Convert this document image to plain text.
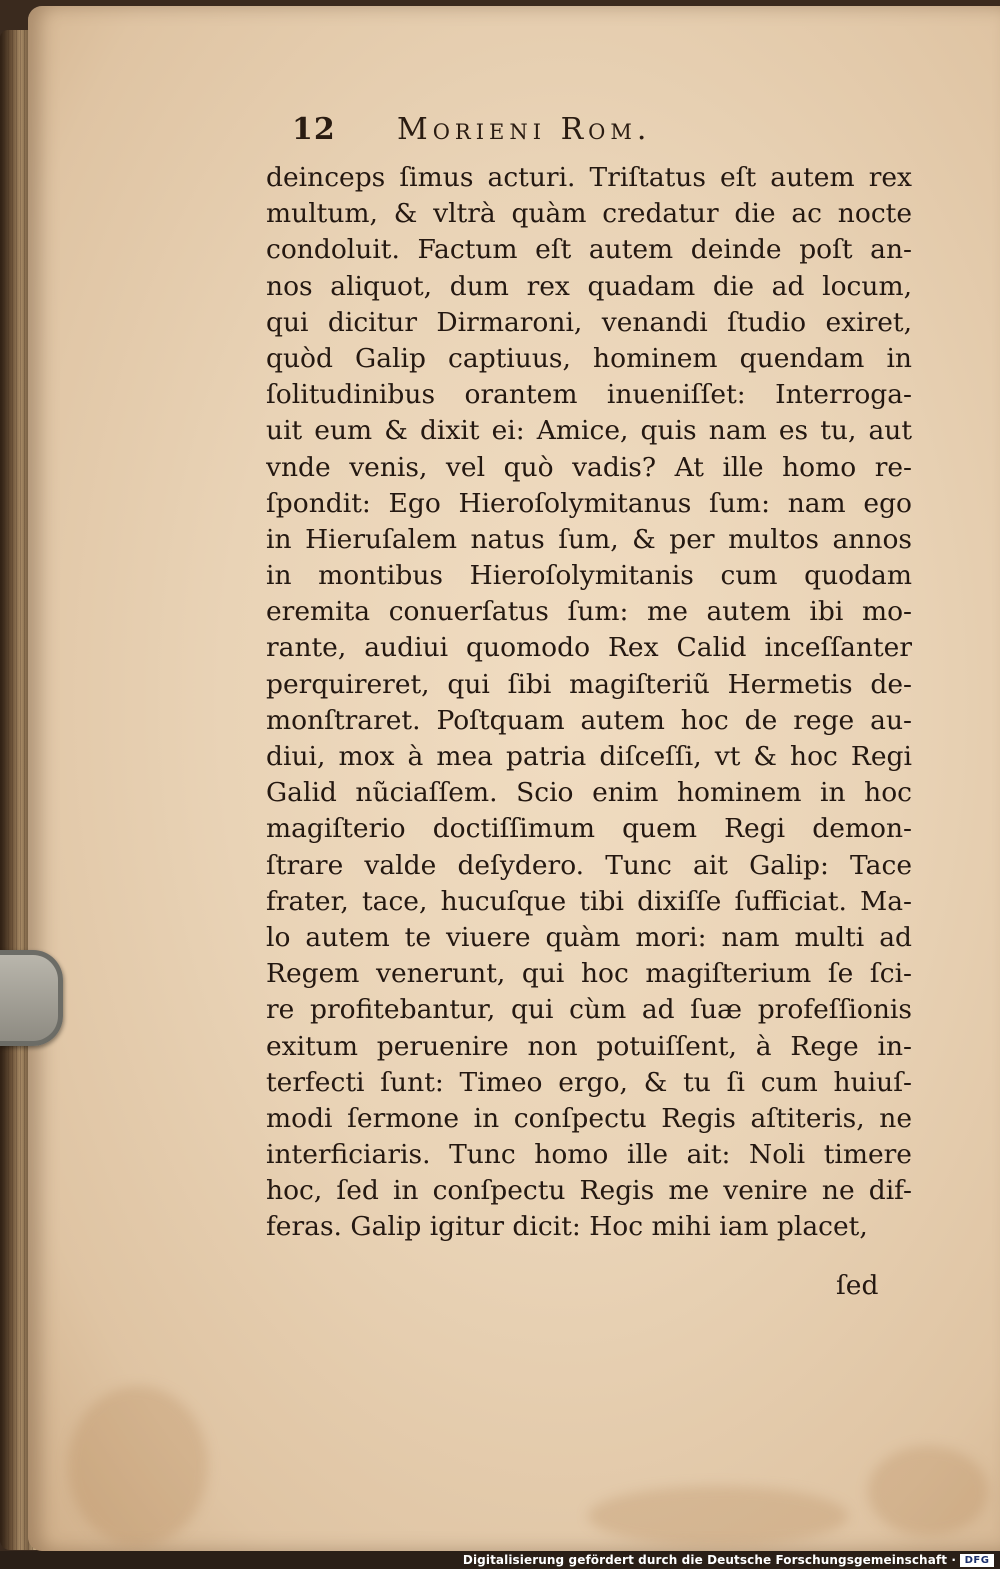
12	Morieni Rom.
deinceps ſimus acturi. Triſtatus eſt autem rex
multum, & vltrà quàm credatur die ac nocte
condoluit. Factum eſt autem deinde poſt an-
nos aliquot, dum rex quadam die ad locum,
qui dicitur Dirmaroni, venandi ſtudio exiret,
quòd Galip captiuus, hominem quendam in
ſolitudinibus orantem inueniſſet: Interroga-
uit eum & dixit ei: Amice, quis nam es tu, aut
vnde venis, vel quò vadis? At ille homo re-
ſpondit: Ego Hieroſolymitanus ſum: nam ego
in Hieruſalem natus ſum, & per multos annos
in montibus Hieroſolymitanis cum quodam
eremita conuerſatus ſum: me autem ibi mo-
rante, audiui quomodo Rex Calid inceſſanter
perquireret, qui ſibi magiſteriũ Hermetis de-
monſtraret. Poſtquam autem hoc de rege au-
diui, mox à mea patria diſceſſi, vt & hoc Regi
Galid nũciaſſem. Scio enim hominem in hoc
magiſterio doctiſſimum quem Regi demon-
ſtrare valde deſydero. Tunc ait Galip: Tace
frater, tace, hucuſque tibi dixiſſe ſufficiat. Ma-
lo autem te viuere quàm mori: nam multi ad
Regem venerunt, qui hoc magiſterium ſe ſci-
re profitebantur, qui cùm ad ſuæ profeſſionis
exitum peruenire non potuiſſent, à Rege in-
terfecti ſunt: Timeo ergo, & tu ſi cum huiuſ-
modi ſermone in conſpectu Regis aſtiteris, ne
interficiaris. Tunc homo ille ait: Noli timere
hoc, ſed in conſpectu Regis me venire ne dif-
feras. Galip igitur dicit: Hoc mihi iam placet,
ſed
Digitalisierung gefördert durch die Deutsche Forschungsgemeinschaft · DFG
